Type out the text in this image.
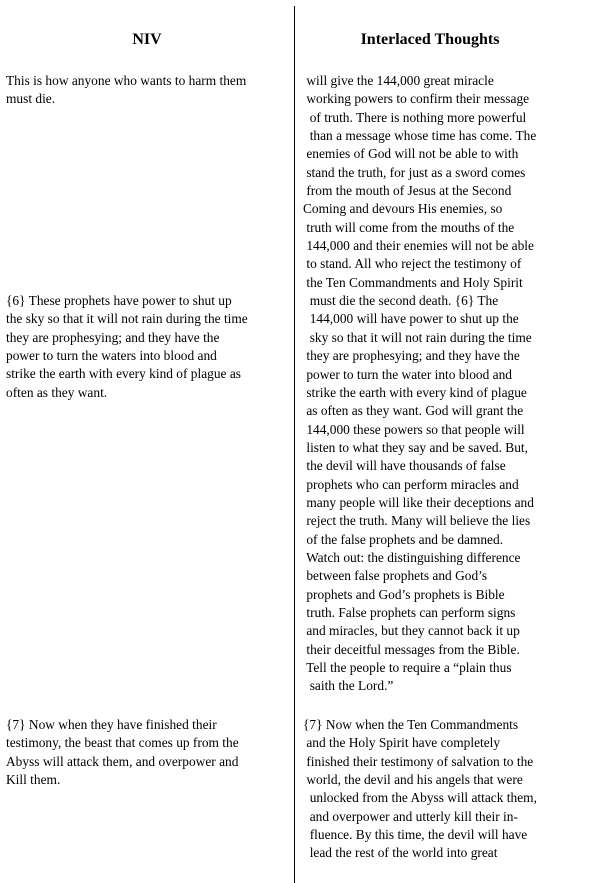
NIV	Interlaced Thoughts
This is how anyone who wants to harm them
must die.
{6} These prophets have power to shut up
the sky so that it will not rain during the time
they are prophesying; and they have the
power to turn the waters into blood and
strike the earth with every kind of plague as
often as they want.
{7} Now when they have finished their
testimony, the beast that comes up from the
Abyss will attack them, and overpower and
Kill them.
will give the 144,000 great miracle
working powers to confirm their message
of truth. There is nothing more powerful
than a message whose time has come. The
enemies of God will not be able to with
stand the truth, for just as a sword comes
from the mouth of Jesus at the Second
Coming and devours His enemies, so
truth will come from the mouths of the
144,000 and their enemies will not be able
to stand. All who reject the testimony of
the Ten Commandments and Holy Spirit
must die the second death. {6} The
144,000 will have power to shut up the
sky so that it will not rain during the time
they are prophesying; and they have the
power to turn the water into blood and
strike the earth with every kind of plague
as often as they want. God will grant the
144,000 these powers so that people will
listen to what they say and be saved. But,
the devil will have thousands of false
prophets who can perform miracles and
many people will like their deceptions and
reject the truth. Many will believe the lies
of the false prophets and be damned.
Watch out: the distinguishing difference
between false prophets and God’s
prophets and God’s prophets is Bible
truth. False prophets can perform signs
and miracles, but they cannot back it up
their deceitful messages from the Bible.
Tell the people to require a “plain thus
saith the Lord.”
{7} Now when the Ten Commandments
and the Holy Spirit have completely
finished their testimony of salvation to the
world, the devil and his angels that were
unlocked from the Abyss will attack them,
and overpower and utterly kill their in-
fluence. By this time, the devil will have
lead the rest of the world into great
